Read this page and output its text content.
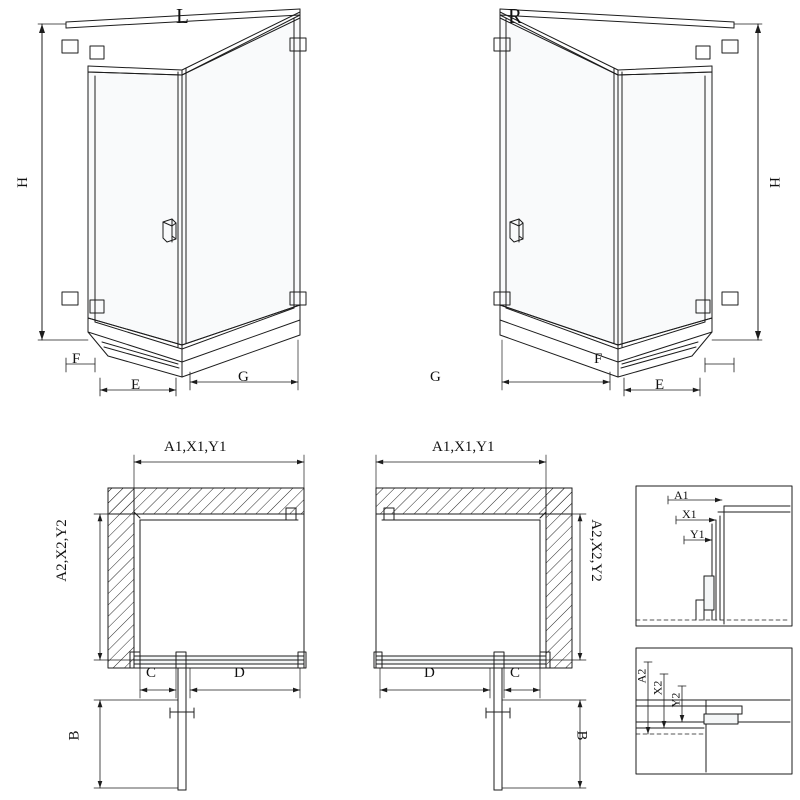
L
H
F
E	G
R
H
F
E
G
A1,X1,Y1
A2,X2,Y2
C	D
B
A1,X1,Y1
A2,X2,Y2
C
D
B
A1
X1
Y1
A2
X2
Y2
